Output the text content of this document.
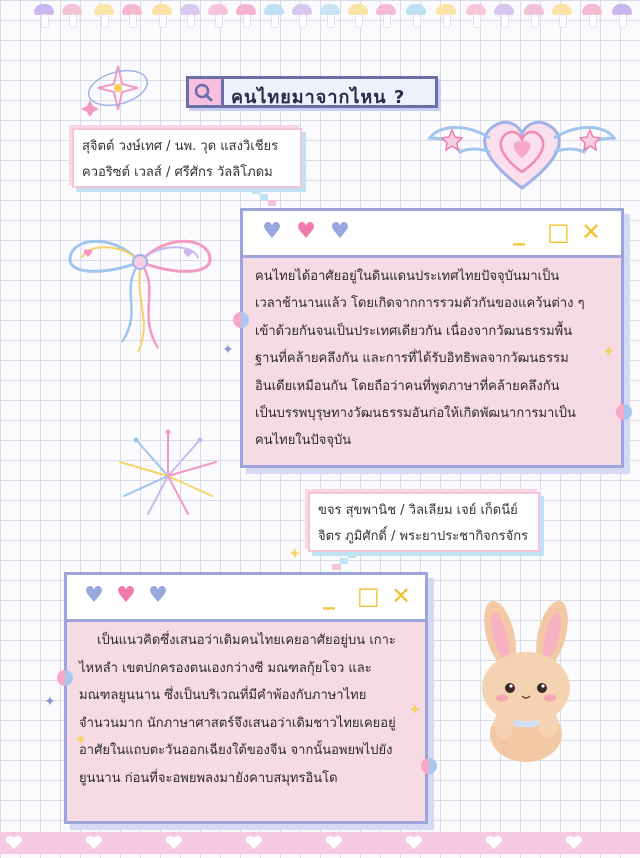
คนไทยมาจากไหน ?
สุจิตต์ วงษ์เทศ / นพ. วุด แสงวิเชียร
ควอริซต์ เวลส์ / ศรีศักร วัลลิโภดม
♥ ♥ ♥	_ □ ✕
คนไทยได้อาศัยอยู่ในดินแดนประเทศไทยปัจจุบันมาเป็น
เวลาช้านานแล้ว โดยเกิดจากการรวมตัวกันของแคว้นต่าง ๆ
เข้าด้วยกันจนเป็นประเทศเดียวกัน เนื่องจากวัฒนธรรมพื้น
ฐานที่คล้ายคลึงกัน และการที่ได้รับอิทธิพลจากวัฒนธรรม
อินเดียเหมือนกัน โดยถือว่าคนที่พูดภาษาที่คล้ายคลึงกัน
เป็นบรรพบุรุษทางวัฒนธรรมอันก่อให้เกิดพัฒนาการมาเป็น
คนไทยในปัจจุบัน
✦
✦
ขจร สุขพานิช / วิลเลียม เจย์ เก็ดนีย์
จิตร ภูมิศักดิ์ / พระยาประชากิจกรจักร
✦
♥ ♥ ♥	_ □ ✕
เป็นแนวคิดซึ่งเสนอว่าเดิมคนไทยเคยอาศัยอยู่บน เกาะ
ไหหลำ เขตปกครองตนเองกว่างซี มณฑลกุ้ยโจว และ
มณฑลยูนนาน ซึ่งเป็นบริเวณที่มีคำพ้องกับภาษาไทย
จำนวนมาก นักภาษาศาสตร์จึงเสนอว่าเดิมชาวไทยเคยอยู่
อาศัยในแถบตะวันออกเฉียงใต้ของจีน จากนั้นอพยพไปยัง
ยูนนาน ก่อนที่จะอพยพลงมายังคาบสมุทรอินโด
✦
✦
✦
